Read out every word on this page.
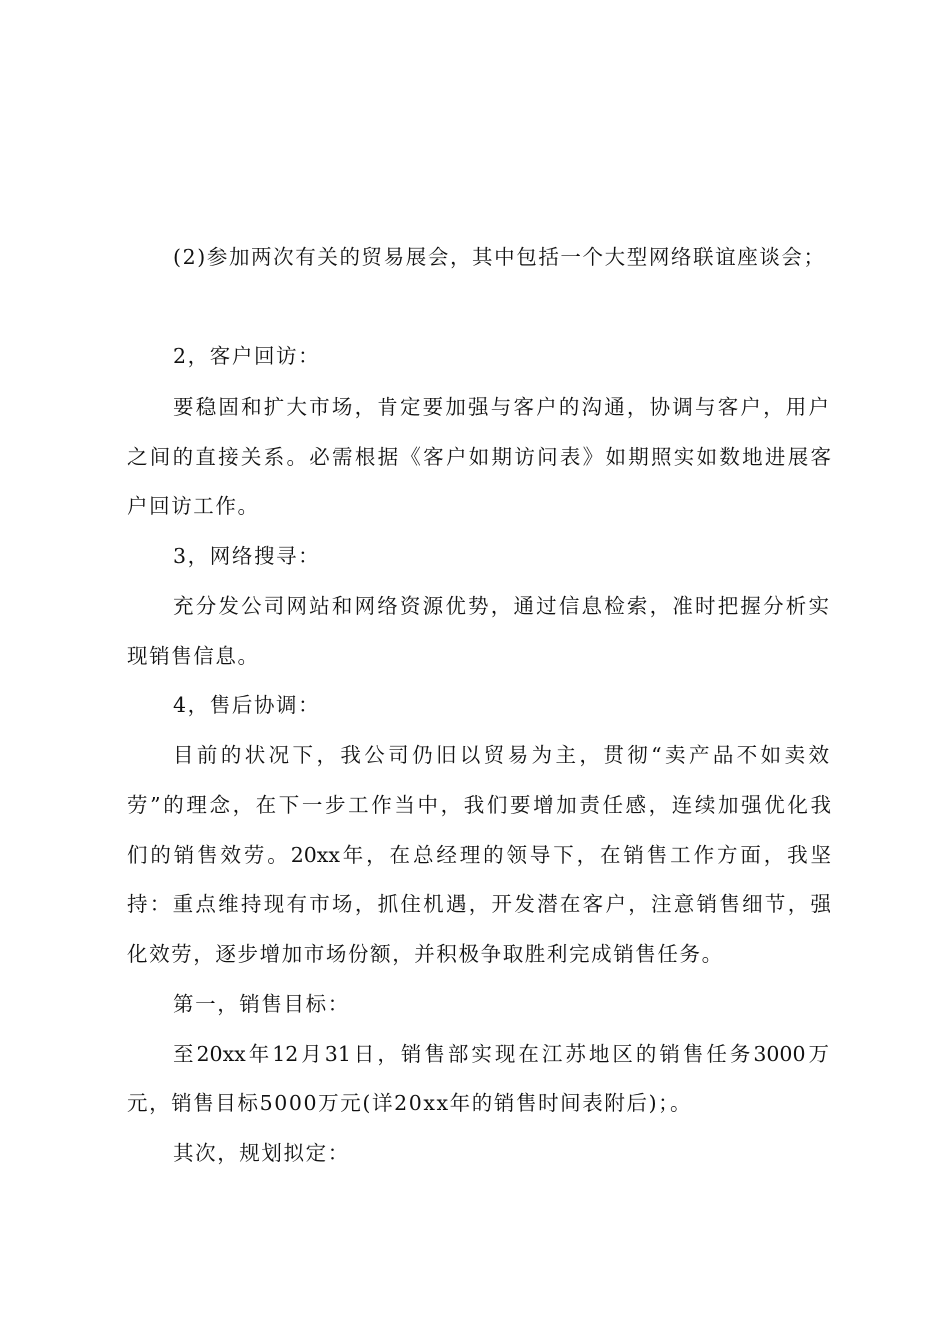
(2)参加两次有关的贸易展会，其中包括一个大型网络联谊座谈会；
2，客户回访：
要稳固和扩大市场，肯定要加强与客户的沟通，协调与客户，用户
之间的直接关系。必需根据《客户如期访问表》如期照实如数地进展客
户回访工作。
3，网络搜寻：
充分发公司网站和网络资源优势，通过信息检索，准时把握分析实
现销售信息。
4，售后协调：
目前的状况下，我公司仍旧以贸易为主，贯彻“卖产品不如卖效
劳”的理念，在下一步工作当中，我们要增加责任感，连续加强优化我
们的销售效劳。20xx年，在总经理的领导下，在销售工作方面，我坚
持：重点维持现有市场，抓住机遇，开发潜在客户，注意销售细节，强
化效劳，逐步增加市场份额，并积极争取胜利完成销售任务。
第一，销售目标：
至20xx年12月31日，销售部实现在江苏地区的销售任务3000万
元，销售目标5000万元(详20xx年的销售时间表附后)；。
其次，规划拟定：
